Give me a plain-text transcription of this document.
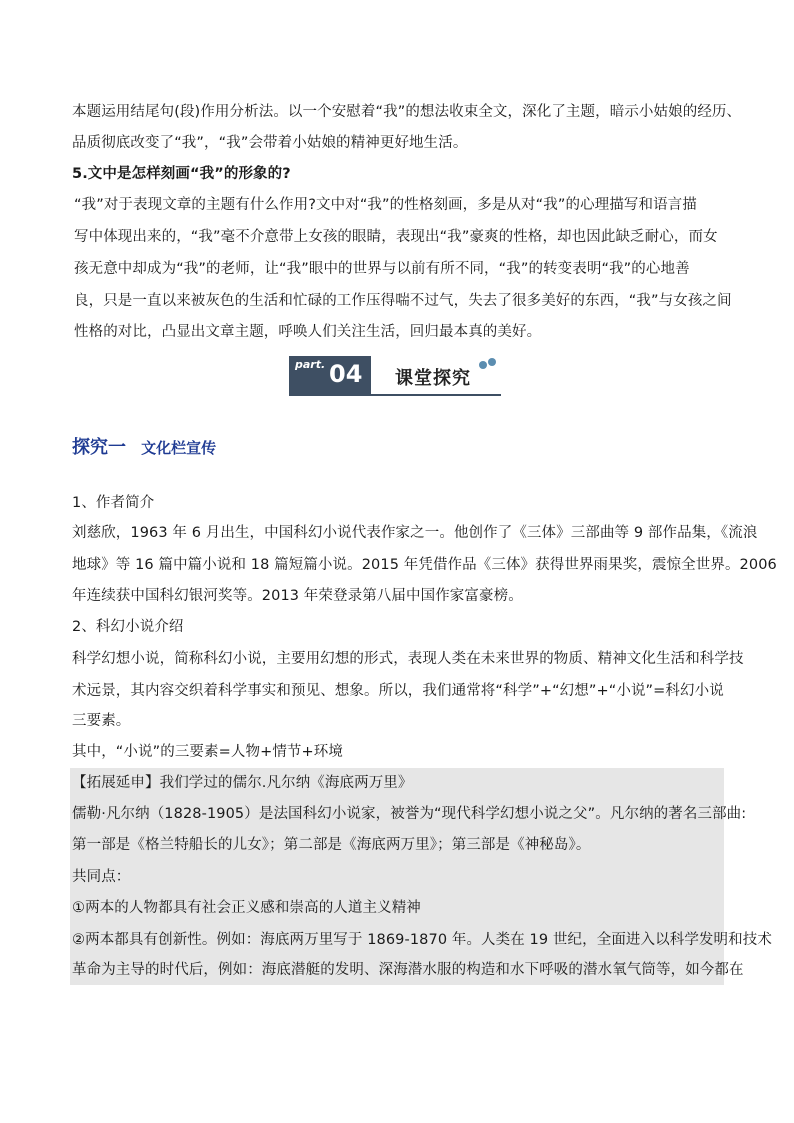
本题运用结尾句(段)作用分析法。以一个安慰着“我”的想法收束全文，深化了主题，暗示小姑娘的经历、
品质彻底改变了“我”，“我”会带着小姑娘的精神更好地生活。
5.文中是怎样刻画“我”的形象的?
“我”对于表现文章的主题有什么作用?文中对“我”的性格刻画，多是从对“我”的心理描写和语言描
写中体现出来的，“我”毫不介意带上女孩的眼睛，表现出“我”豪爽的性格，却也因此缺乏耐心，而女
孩无意中却成为“我”的老师，让“我”眼中的世界与以前有所不同，“我”的转变表明“我”的心地善
良，只是一直以来被灰色的生活和忙碌的工作压得喘不过气，失去了很多美好的东西，“我”与女孩之间
性格的对比，凸显出文章主题，呼唤人们关注生活，回归最本真的美好。
part. 04 课堂探究
探究一 文化栏宣传
1、作者简介
刘慈欣，1963 年 6 月出生，中国科幻小说代表作家之一。他创作了《三体》三部曲等 9 部作品集，《流浪
地球》等 16 篇中篇小说和 18 篇短篇小说。2015 年凭借作品《三体》获得世界雨果奖，震惊全世界。2006
年连续获中国科幻银河奖等。2013 年荣登录第八届中国作家富豪榜。
2、科幻小说介绍
科学幻想小说，简称科幻小说，主要用幻想的形式，表现人类在未来世界的物质、精神文化生活和科学技
术远景，其内容交织着科学事实和预见、想象。所以，我们通常将“科学”+“幻想”+“小说”=科幻小说
三要素。
其中，“小说”的三要素=人物+情节+环境
【拓展延申】我们学过的儒尔.凡尔纳《海底两万里》
儒勒·凡尔纳（1828-1905）是法国科幻小说家，被誉为“现代科学幻想小说之父”。凡尔纳的著名三部曲:
第一部是《格兰特船长的儿女》；第二部是《海底两万里》；第三部是《神秘岛》。
共同点：
①两本的人物都具有社会正义感和崇高的人道主义精神
②两本都具有创新性。例如：海底两万里写于 1869-1870 年。人类在 19 世纪，全面进入以科学发明和技术
革命为主导的时代后，例如：海底潜艇的发明、深海潜水服的构造和水下呼吸的潜水氧气筒等，如今都在
